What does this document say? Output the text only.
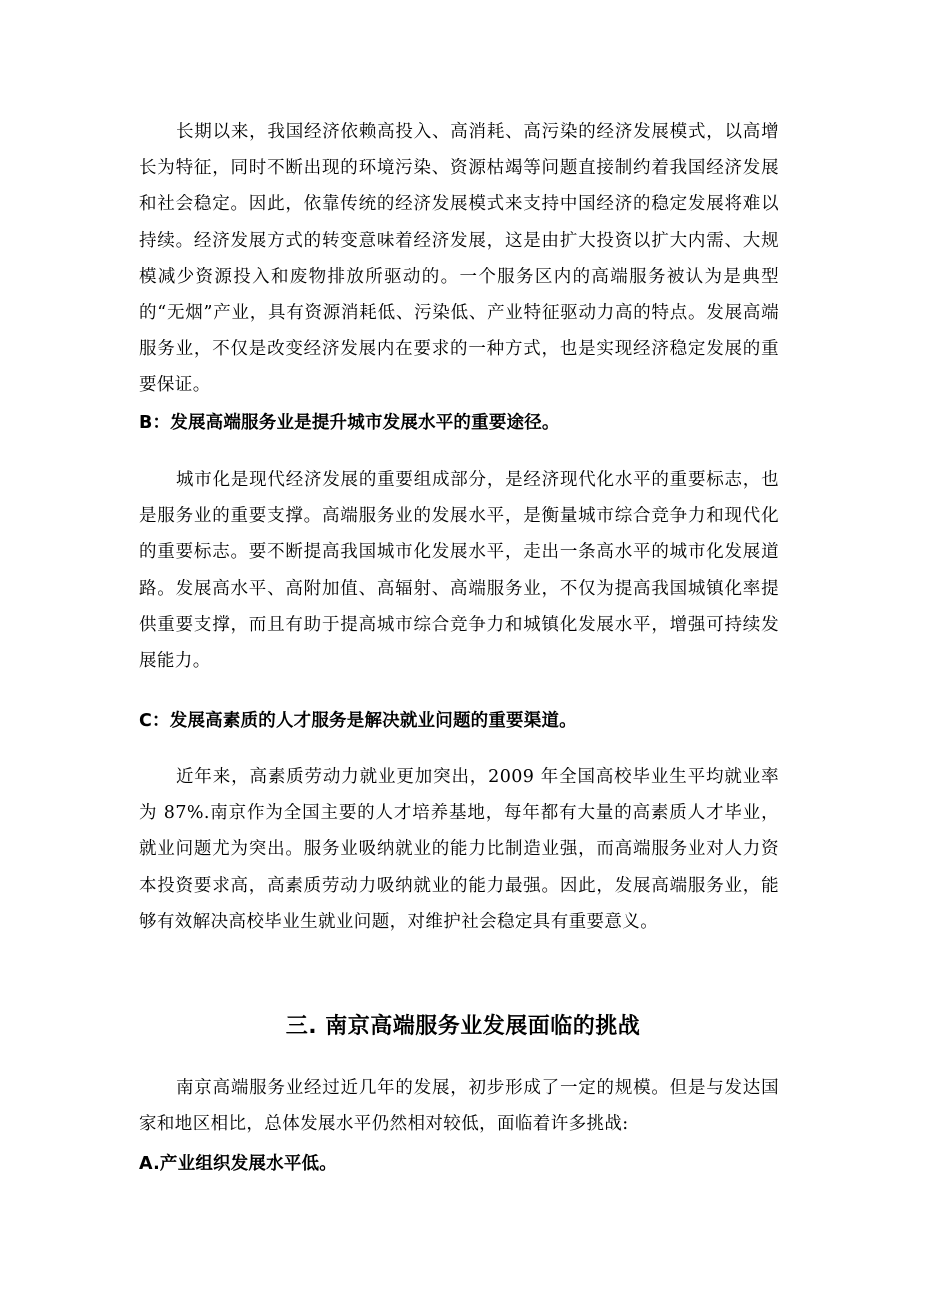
长期以来，我国经济依赖高投入、高消耗、高污染的经济发展模式，以高增长为特征，同时不断出现的环境污染、资源枯竭等问题直接制约着我国经济发展和社会稳定。因此，依靠传统的经济发展模式来支持中国经济的稳定发展将难以持续。经济发展方式的转变意味着经济发展，这是由扩大投资以扩大内需、大规模减少资源投入和废物排放所驱动的。一个服务区内的高端服务被认为是典型的“无烟”产业，具有资源消耗低、污染低、产业特征驱动力高的特点。发展高端服务业，不仅是改变经济发展内在要求的一种方式，也是实现经济稳定发展的重要保证。

B：发展高端服务业是提升城市发展水平的重要途径。

城市化是现代经济发展的重要组成部分，是经济现代化水平的重要标志，也是服务业的重要支撑。高端服务业的发展水平，是衡量城市综合竞争力和现代化的重要标志。要不断提高我国城市化发展水平，走出一条高水平的城市化发展道路。发展高水平、高附加值、高辐射、高端服务业，不仅为提高我国城镇化率提供重要支撑，而且有助于提高城市综合竞争力和城镇化发展水平，增强可持续发展能力。

C：发展高素质的人才服务是解决就业问题的重要渠道。

近年来，高素质劳动力就业更加突出，2009 年全国高校毕业生平均就业率为 87%.南京作为全国主要的人才培养基地，每年都有大量的高素质人才毕业，就业问题尤为突出。服务业吸纳就业的能力比制造业强，而高端服务业对人力资本投资要求高，高素质劳动力吸纳就业的能力最强。因此，发展高端服务业，能够有效解决高校毕业生就业问题，对维护社会稳定具有重要意义。

三. 南京高端服务业发展面临的挑战

南京高端服务业经过近几年的发展，初步形成了一定的规模。但是与发达国家和地区相比，总体发展水平仍然相对较低，面临着许多挑战:

A.产业组织发展水平低。
